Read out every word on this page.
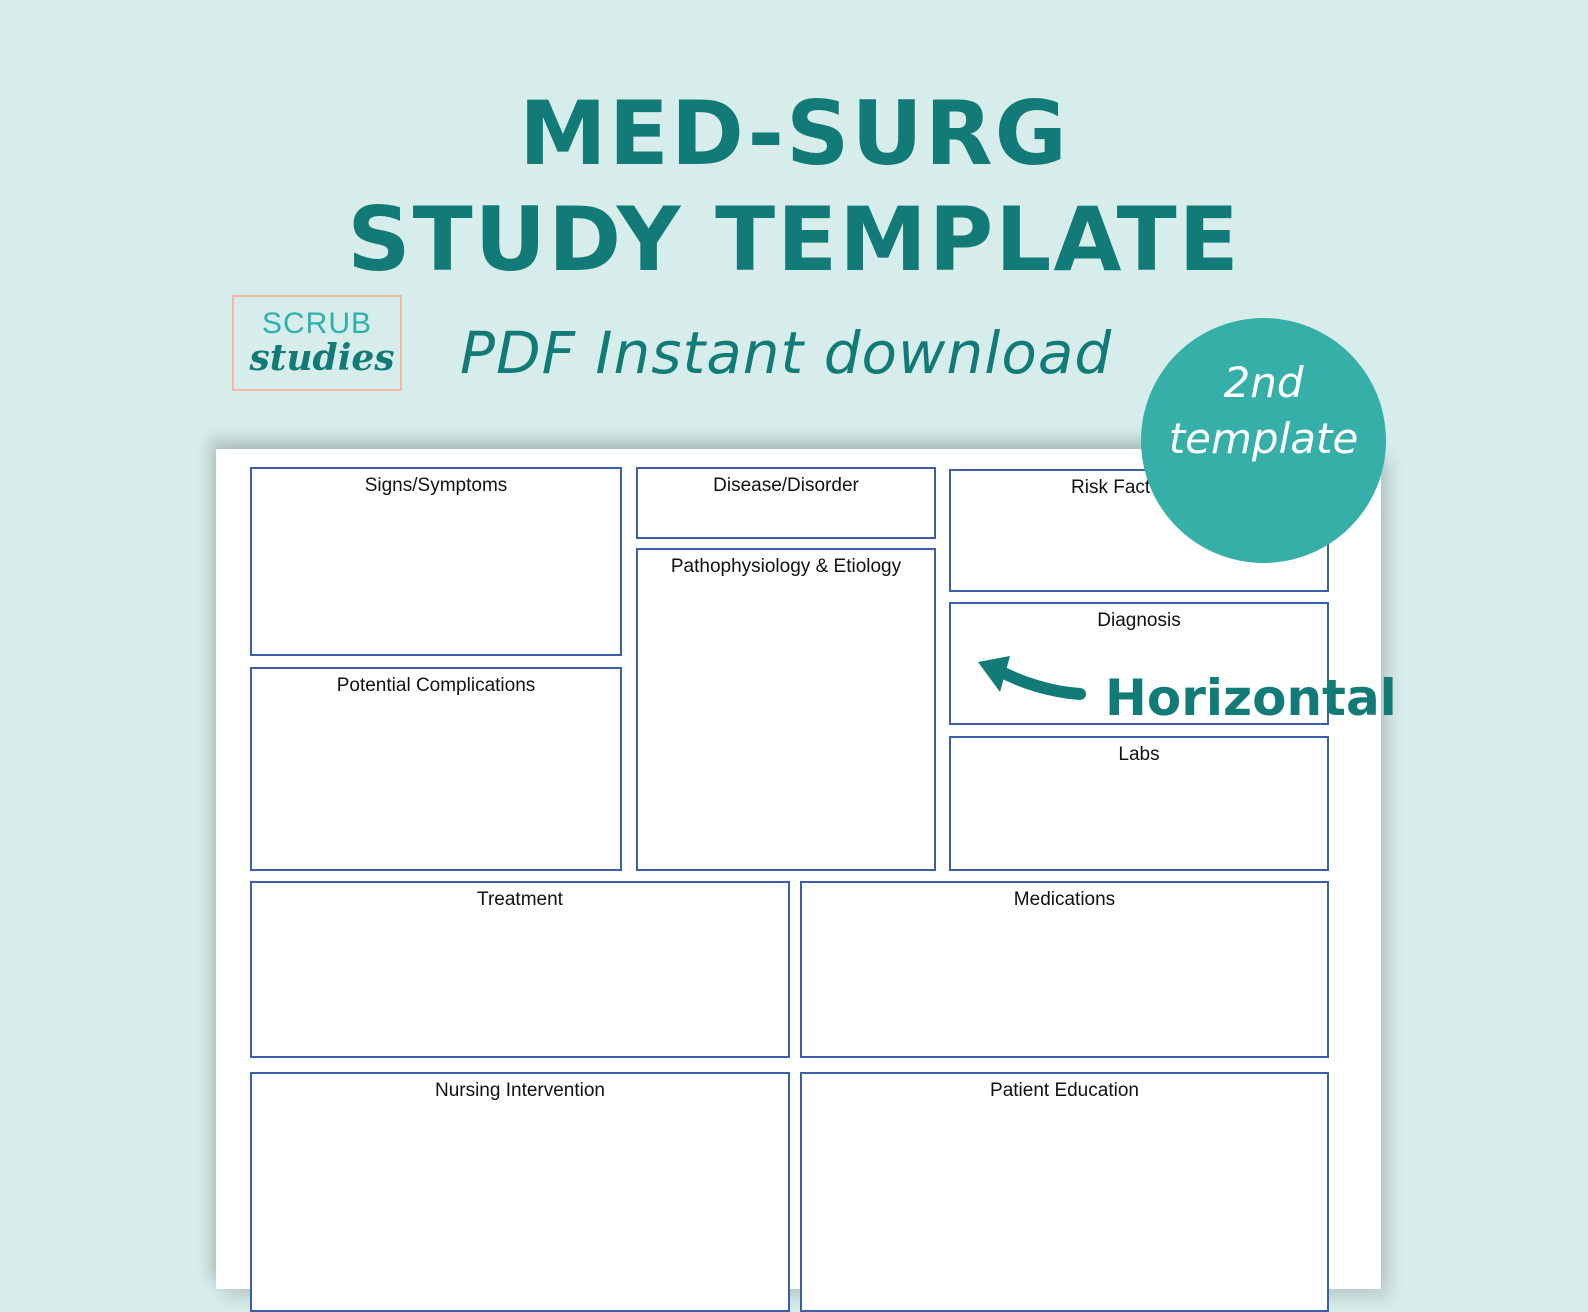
MED-SURG
STUDY TEMPLATE
SCRUB
studies	PDF Instant download
Signs/Symptoms	Disease/Disorder	Risk Fact
Pathophysiology & Etiology
Diagnosis
Potential Complications
Labs
Treatment	Medications
Nursing Intervention	Patient Education
2nd
template
Horizontal
